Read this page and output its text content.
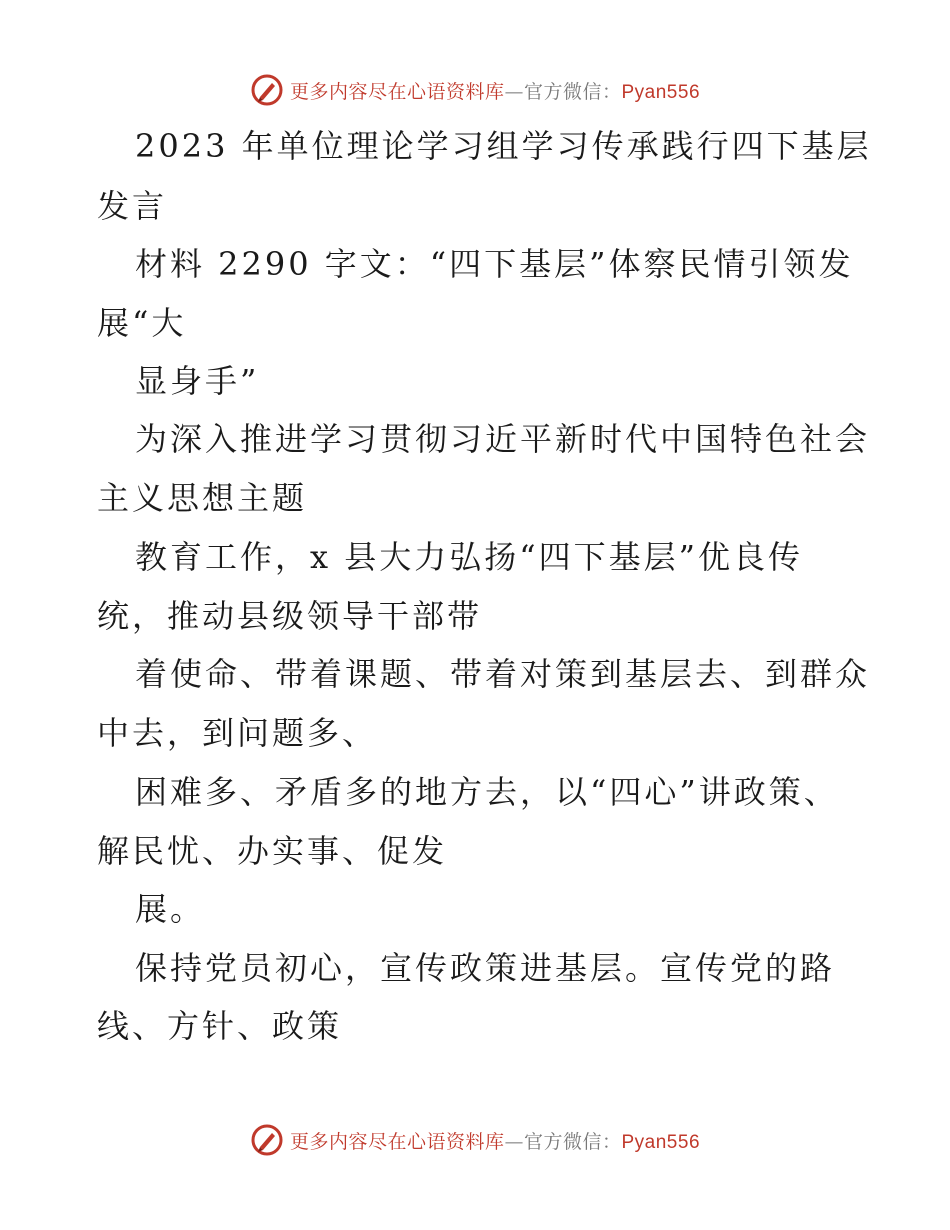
更多内容尽在心语资料库—官方微信：Pyan556
2023 年单位理论学习组学习传承践行四下基层
发言
材料 2290 字文：“四下基层”体察民情引领发
展“大
显身手”
为深入推进学习贯彻习近平新时代中国特色社会
主义思想主题
教育工作，x 县大力弘扬“四下基层”优良传
统，推动县级领导干部带
着使命、带着课题、带着对策到基层去、到群众
中去，到问题多、
困难多、矛盾多的地方去，以“四心”讲政策、
解民忧、办实事、促发
展。
保持党员初心，宣传政策进基层。宣传党的路
线、方针、政策
更多内容尽在心语资料库—官方微信：Pyan556
